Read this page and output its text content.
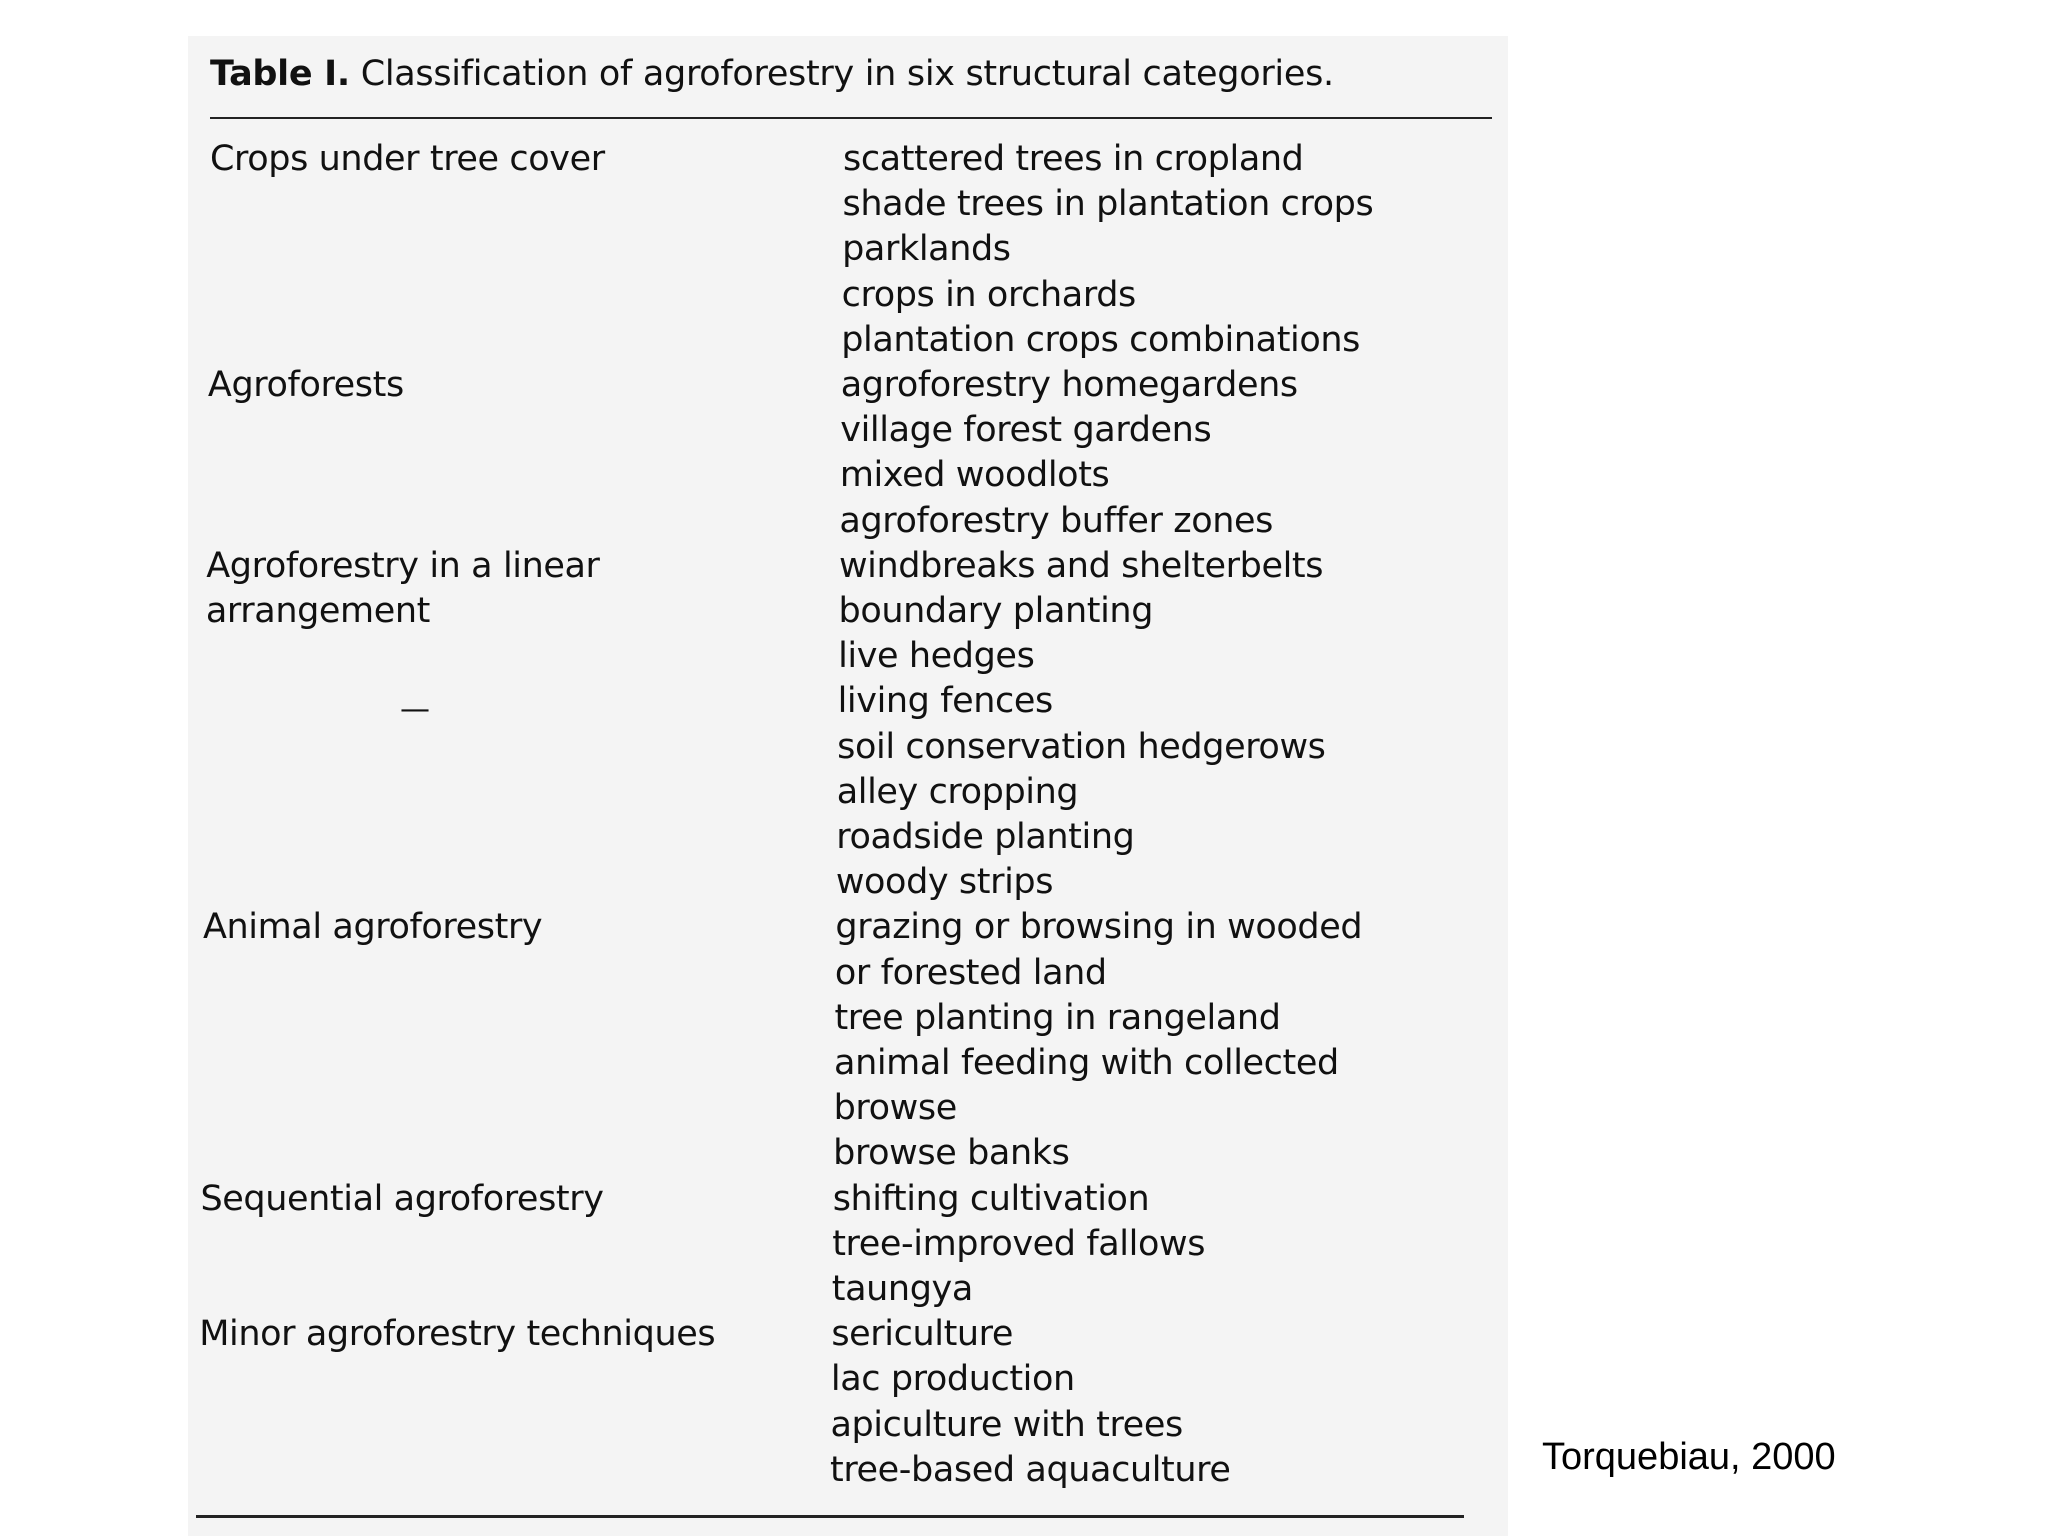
Table I. Classification of agroforestry in six structural categories.
scattered trees in cropland
shade trees in plantation crops
parklands
crops in orchards
plantation crops combinations
Crops under tree cover
agroforestry homegardens
village forest gardens
mixed woodlots
agroforestry buffer zones
Agroforests
windbreaks and shelterbelts
boundary planting
live hedges
living fences
soil conservation hedgerows
alley cropping
roadside planting
woody strips
Agroforestry in a linear
arrangement
grazing or browsing in wooded
or forested land
tree planting in rangeland
animal feeding with collected
browse
browse banks
Animal agroforestry
shifting cultivation
tree-improved fallows
taungya
Sequential agroforestry
sericulture
lac production
apiculture with trees
tree-based aquaculture
Minor agroforestry techniques
—
Torquebiau, 2000
